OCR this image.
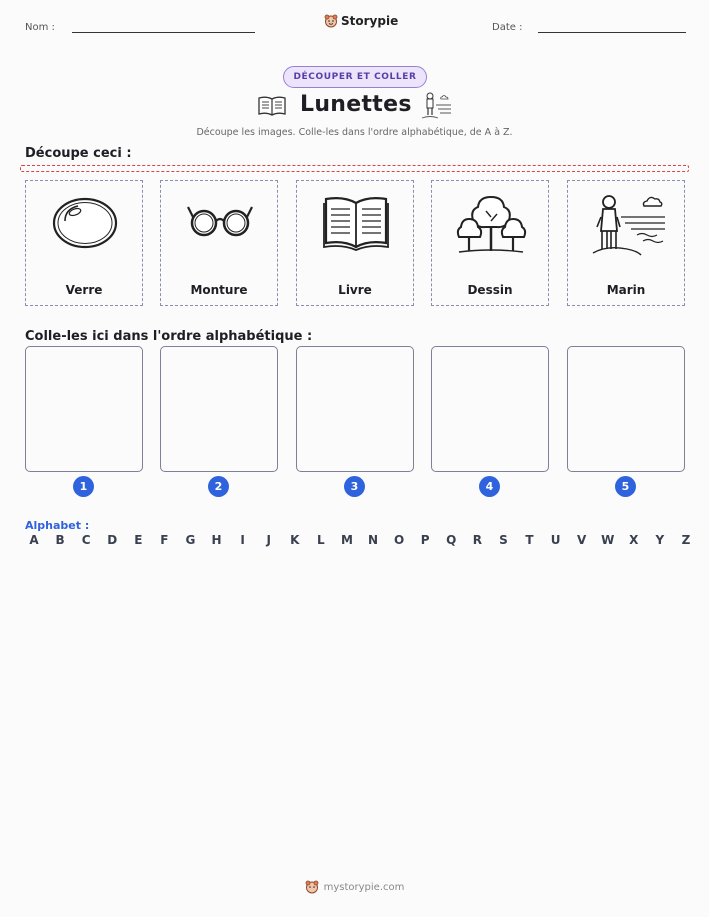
Nom :	Storypie	Date :
DÉCOUPER ET COLLER
Lunettes
Découpe les images. Colle-les dans l'ordre alphabétique, de A à Z.
Découpe ceci :
Verre	Monture	Livre	Dessin	Marin
Colle-les ici dans l'ordre alphabétique :
1	2	3	4	5
Alphabet :
A B C D E F G H	I	J	K L M N O P Q R S T U V W X Y Z
mystorypie.com
